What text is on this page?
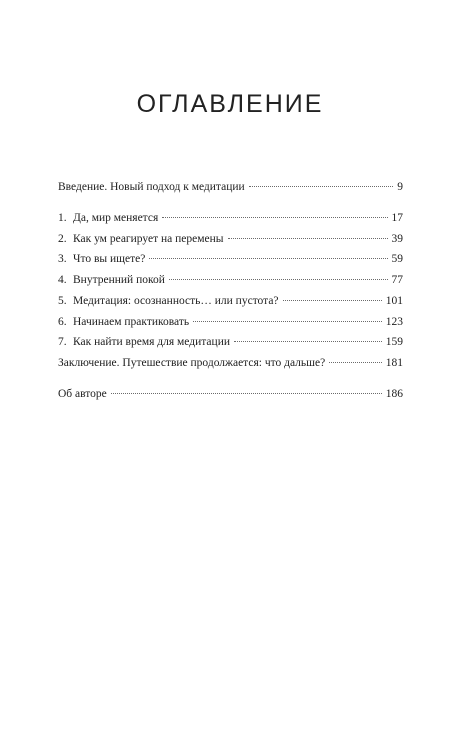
ОГЛАВЛЕНИЕ
Введение. Новый подход к медитации	9
1. Да, мир меняется	17
2. Как ум реагирует на перемены	39
3. Что вы ищете?	59
4. Внутренний покой	77
5. Медитация: осознанность… или пустота?	101
6. Начинаем практиковать	123
7. Как найти время для медитации	159
Заключение. Путешествие продолжается: что дальше?	181
Об авторе	186
